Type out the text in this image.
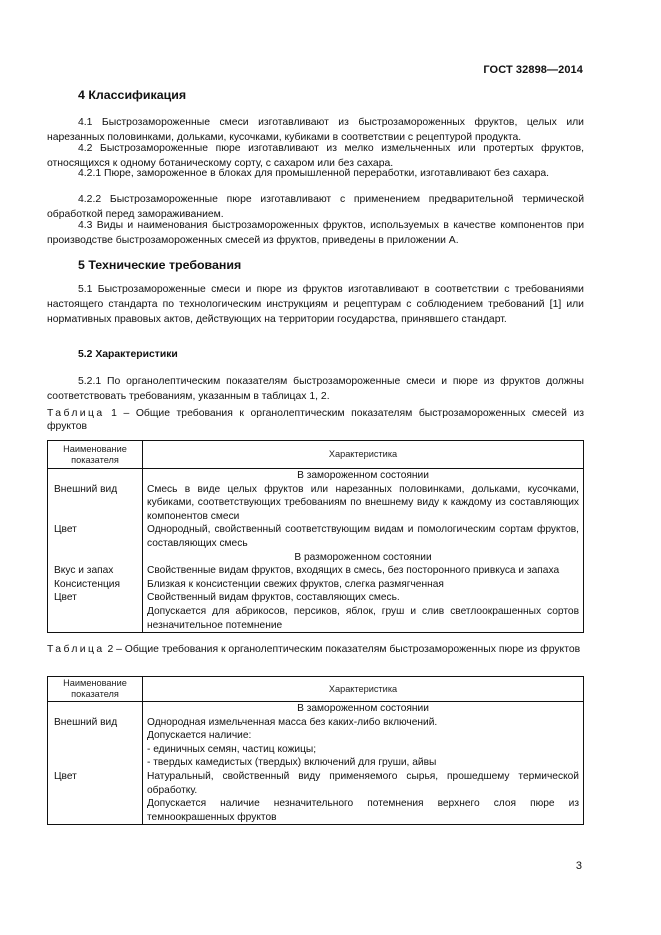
ГОСТ 32898—2014
4 Классификация
4.1 Быстрозамороженные смеси изготавливают из быстрозамороженных фруктов, целых или нарезанных половинками, дольками, кусочками, кубиками в соответствии с рецептурой продукта.
4.2 Быстрозамороженные пюре изготавливают из мелко измельченных или протертых фруктов, относящихся к одному ботаническому сорту, с сахаром или без сахара.
4.2.1 Пюре, замороженное в блоках для промышленной переработки, изготавливают без сахара.
4.2.2 Быстрозамороженные пюре изготавливают с применением предварительной термической обработкой перед замораживанием.
4.3 Виды и наименования быстрозамороженных фруктов, используемых в качестве компонентов при производстве быстрозамороженных смесей из фруктов, приведены в приложении А.
5 Технические требования
5.1 Быстрозамороженные смеси и пюре из фруктов изготавливают в соответствии с требованиями настоящего стандарта по технологическим инструкциям и рецептурам с соблюдением требований [1] или нормативных правовых актов, действующих на территории государства, принявшего стандарт.
5.2 Характеристики
5.2.1 По органолептическим показателям быстрозамороженные смеси и пюре из фруктов должны соответствовать требованиям, указанным в таблицах 1, 2.
Таблица 1 – Общие требования к органолептическим показателям быстрозамороженных смесей из фруктов
Наименование показателя	Характеристика
	В замороженном состоянии
Внешний вид	Смесь в виде целых фруктов или нарезанных половинками, дольками, кусочками, кубиками, соответствующих требованиям по внешнему виду к каждому из составляющих компонентов смеси
Цвет	Однородный, свойственный соответствующим видам и помологическим сортам фруктов, составляющих смесь
	В размороженном состоянии
Вкус и запах	Свойственные видам фруктов, входящих в смесь, без посторонного привкуса и запаха
Консистенция	Близкая к консистенции свежих фруктов, слегка размягченная
Цвет	Свойственный видам фруктов, составляющих смесь.
	Допускается для абрикосов, персиков, яблок, груш и слив светлоокрашенных сортов незначительное потемнение
Таблица 2 – Общие требования к органолептическим показателям быстрозамороженных пюре из фруктов
Наименование показателя	Характеристика
	В замороженном состоянии
Внешний вид	Однородная измельченная масса без каких-либо включений.
	Допускается наличие:
	- единичных семян, частиц кожицы;
	- твердых камедистых (твердых) включений для груши, айвы
Цвет	Натуральный, свойственный виду применяемого сырья, прошедшему термической обработку.
	Допускается наличие незначительного потемнения верхнего слоя пюре из темноокрашенных фруктов
3
